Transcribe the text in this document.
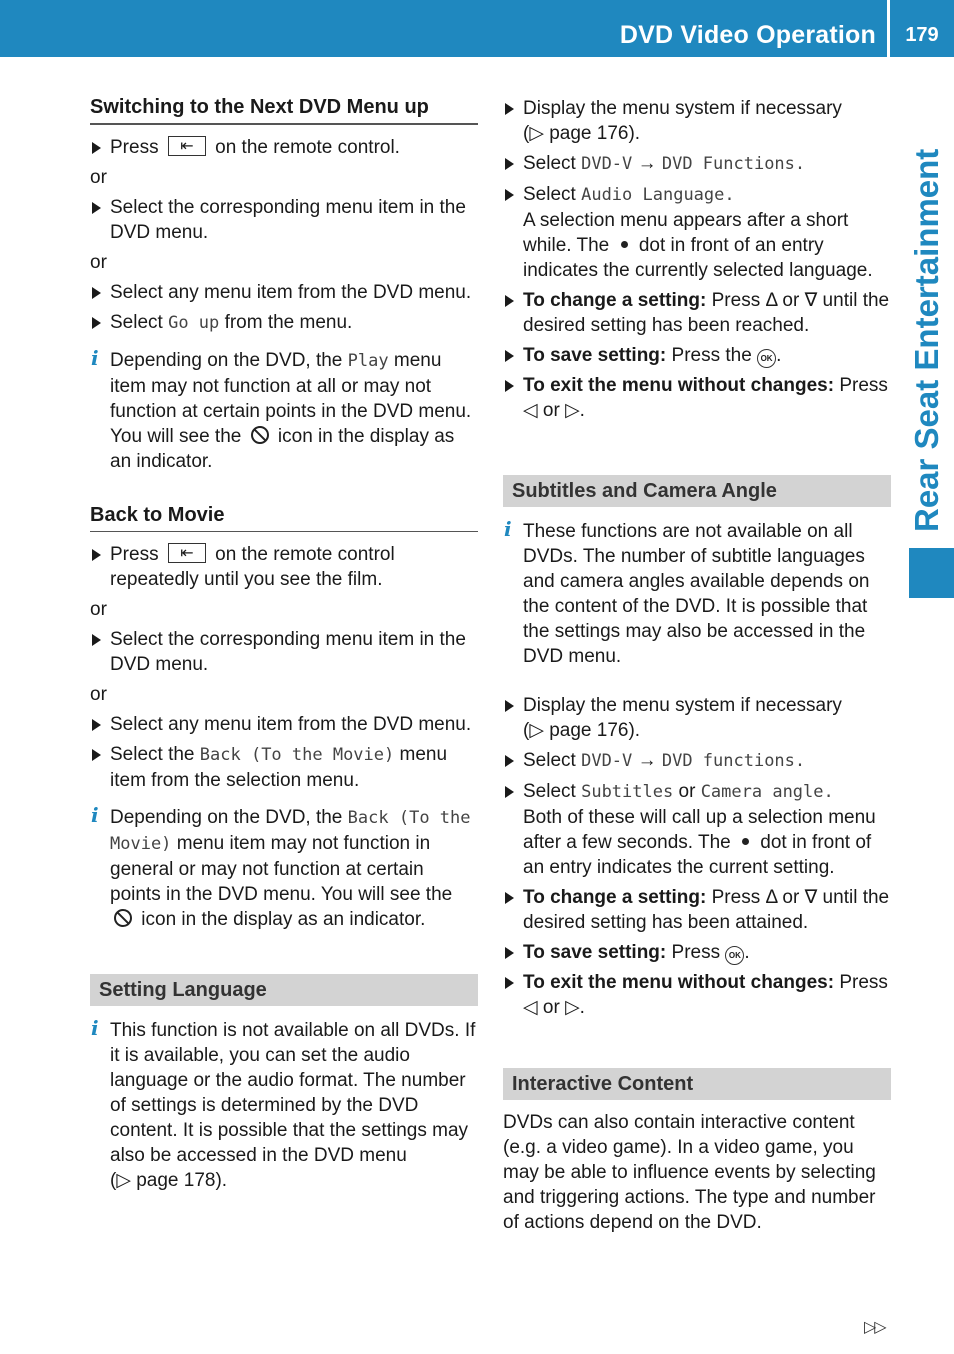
DVD Video Operation	179
Rear Seat Entertainment
Switching to the Next DVD Menu up
Press ⇤	on the remote control.
or
Select the corresponding menu item in the DVD menu.
or
Select any menu item from the DVD menu.
Select Go up from the menu.
i Depending on the DVD, the Play menu item may not function at all or may not function at certain points in the DVD menu. You will see the icon in the display as an indicator.
Back to Movie
Press ⇤	on the remote control repeatedly until you see the film.
or
Select the corresponding menu item in the DVD menu.
or
Select any menu item from the DVD menu.
Select the Back (To the Movie) menu item from the selection menu.
i Depending on the DVD, the Back (To the Movie) menu item may not function in general or may not function at certain points in the DVD menu. You will see the  icon in the display as an indicator.
Setting Language
i This function is not available on all DVDs. If it is available, you can set the audio language or the audio format. The number of settings is determined by the DVD content. It is possible that the settings may also be accessed in the DVD menu
(▷ page 178).
Display the menu system if necessary
(▷ page 176).
Select DVD-V → DVD Functions.
Select Audio Language.
A selection menu appears after a short while. The dot in front of an entry indicates the currently selected language.
To change a setting: Press Δ or ∇ until the desired setting has been reached.
To save setting: Press the OK .
To exit the menu without changes: Press ◁ or ▷.
Subtitles and Camera Angle
i These functions are not available on all DVDs. The number of subtitle languages and camera angles available depends on the content of the DVD. It is possible that the settings may also be accessed in the DVD menu.
Display the menu system if necessary
(▷ page 176).
Select DVD-V → DVD functions.
Select Subtitles or Camera angle.
Both of these will call up a selection menu after a few seconds. The dot in front of an entry indicates the current setting.
To change a setting: Press Δ or ∇ until the desired setting has been attained.
To save setting: Press OK .
To exit the menu without changes: Press ◁ or ▷.
Interactive Content
DVDs can also contain interactive content (e.g. a video game). In a video game, you may be able to influence events by selecting and triggering actions. The type and number of actions depend on the DVD.
▷▷
